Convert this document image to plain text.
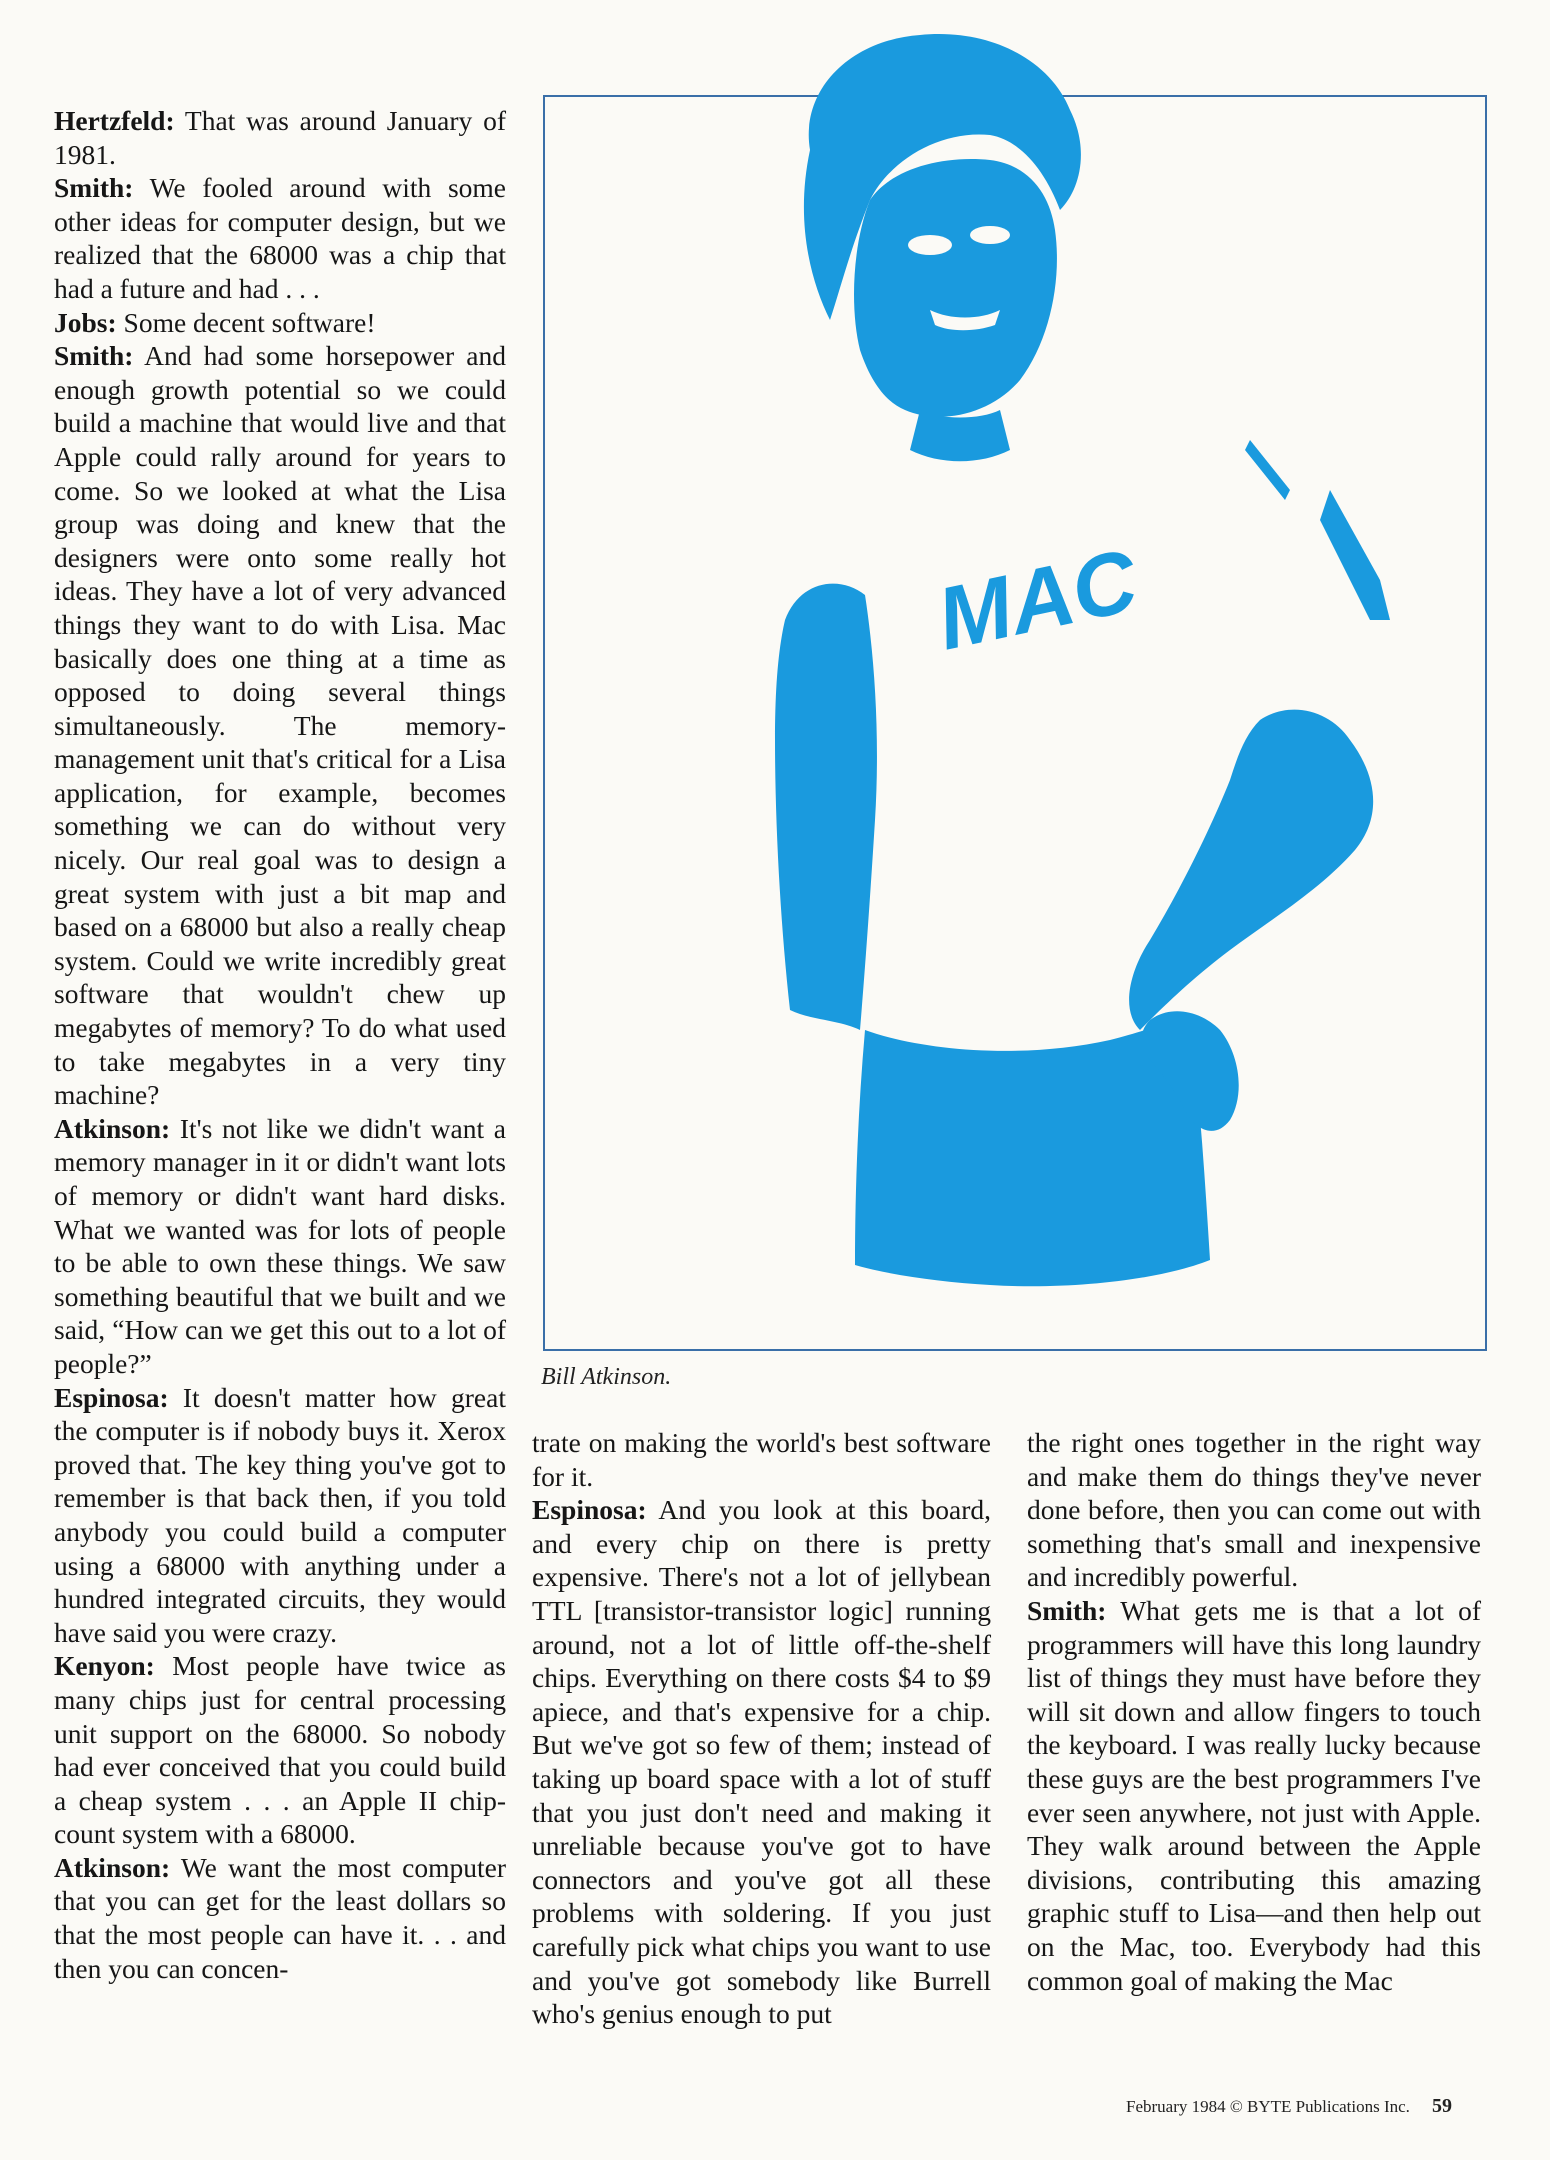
Hertzfeld: That was around January of 1981.

Smith: We fooled around with some other ideas for computer design, but we realized that the 68000 was a chip that had a future and had . . .

Jobs: Some decent software!

Smith: And had some horsepower and enough growth potential so we could build a machine that would live and that Apple could rally around for years to come. So we looked at what the Lisa group was doing and knew that the designers were onto some really hot ideas. They have a lot of very advanced things they want to do with Lisa. Mac basically does one thing at a time as opposed to doing several things simultaneously. The memory-management unit that's critical for a Lisa application, for example, becomes something we can do without very nicely. Our real goal was to design a great system with just a bit map and based on a 68000 but also a really cheap system. Could we write incredibly great software that wouldn't chew up megabytes of memory? To do what used to take megabytes in a very tiny machine?

Atkinson: It's not like we didn't want a memory manager in it or didn't want lots of memory or didn't want hard disks. What we wanted was for lots of people to be able to own these things. We saw something beautiful that we built and we said, “How can we get this out to a lot of people?”

Espinosa: It doesn't matter how great the computer is if nobody buys it. Xerox proved that. The key thing you've got to remember is that back then, if you told anybody you could build a computer using a 68000 with anything under a hundred integrated circuits, they would have said you were crazy.

Kenyon: Most people have twice as many chips just for central processing unit support on the 68000. So nobody had ever conceived that you could build a cheap system . . . an Apple II chip-count system with a 68000.

Atkinson: We want the most computer that you can get for the least dollars so that the most people can have it. . . and then you can concen-

MAC
Bill Atkinson.

trate on making the world's best software for it.

Espinosa: And you look at this board, and every chip on there is pretty expensive. There's not a lot of jellybean TTL [transistor-transistor logic] running around, not a lot of little off-the-shelf chips. Everything on there costs $4 to $9 apiece, and that's expensive for a chip. But we've got so few of them; instead of taking up board space with a lot of stuff that you just don't need and making it unreliable because you've got to have connectors and you've got all these problems with soldering. If you just carefully pick what chips you want to use and you've got somebody like Burrell who's genius enough to put

the right ones together in the right way and make them do things they've never done before, then you can come out with something that's small and inexpensive and incredibly powerful.

Smith: What gets me is that a lot of programmers will have this long laundry list of things they must have before they will sit down and allow fingers to touch the keyboard. I was really lucky because these guys are the best programmers I've ever seen anywhere, not just with Apple. They walk around between the Apple divisions, contributing this amazing graphic stuff to Lisa—and then help out on the Mac, too. Everybody had this common goal of making the Mac

February 1984 © BYTE Publications Inc. 59
